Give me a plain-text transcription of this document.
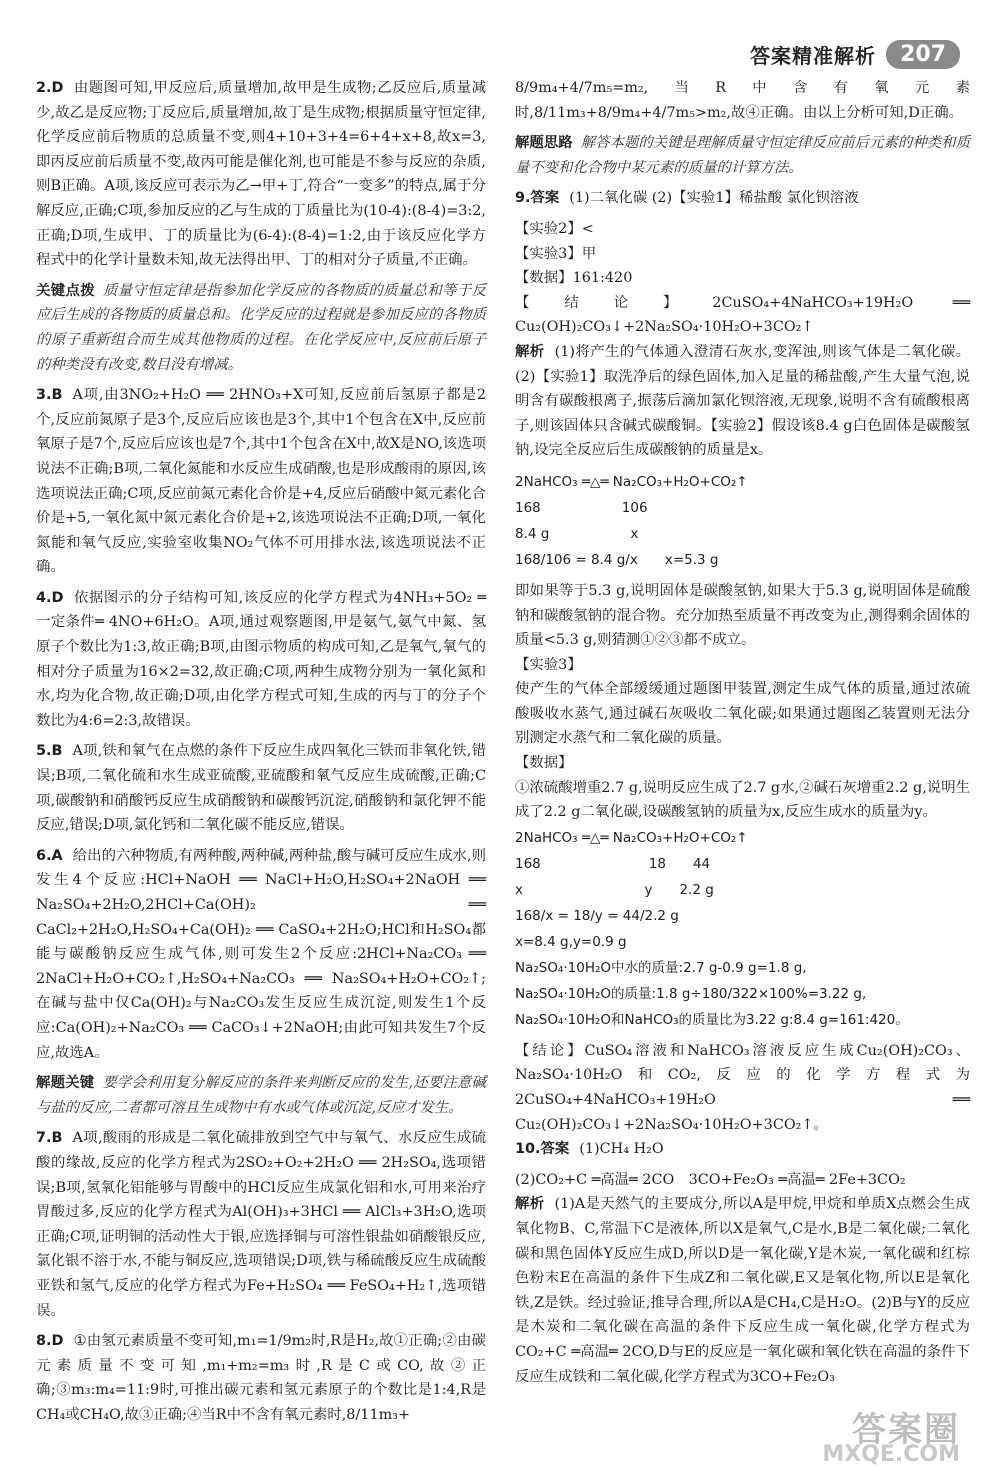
答案精准解析	207
2.D 由题图可知,甲反应后,质量增加,故甲是生成物;乙反应后,质量减少,故乙是反应物;丁反应后,质量增加,故丁是生成物;根据质量守恒定律,化学反应前后物质的总质量不变,则4+10+3+4=6+4+x+8,故x=3,即丙反应前后质量不变,故丙可能是催化剂,也可能是不参与反应的杂质,则B正确。A项,该反应可表示为乙→甲+丁,符合“一变多”的特点,属于分解反应,正确;C项,参加反应的乙与生成的丁质量比为(10-4):(8-4)=3:2,正确;D项,生成甲、丁的质量比为(6-4):(8-4)=1:2,由于该反应化学方程式中的化学计量数未知,故无法得出甲、丁的相对分子质量,不正确。
关键点拨 质量守恒定律是指参加化学反应的各物质的质量总和等于反应后生成的各物质的质量总和。化学反应的过程就是参加反应的各物质的原子重新组合而生成其他物质的过程。在化学反应中,反应前后原子的种类没有改变,数目没有增减。
3.B A项,由3NO₂+H₂O ══ 2HNO₃+X可知,反应前后氢原子都是2个,反应前氮原子是3个,反应后应该也是3个,其中1个包含在X中,反应前氧原子是7个,反应后应该也是7个,其中1个包含在X中,故X是NO,该选项说法不正确;B项,二氧化氮能和水反应生成硝酸,也是形成酸雨的原因,该选项说法正确;C项,反应前氮元素化合价是+4,反应后硝酸中氮元素化合价是+5,一氧化氮中氮元素化合价是+2,该选项说法不正确;D项,一氧化氮能和氧气反应,实验室收集NO₂气体不可用排水法,该选项说法不正确。
4.D 依据图示的分子结构可知,该反应的化学方程式为4NH₃+5O₂ ═一定条件═ 4NO+6H₂O。A项,通过观察题图,甲是氨气,氨气中氮、氢原子个数比为1:3,故正确;B项,由图示物质的构成可知,乙是氧气,氧气的相对分子质量为16×2=32,故正确;C项,两种生成物分别为一氧化氮和水,均为化合物,故正确;D项,由化学方程式可知,生成的丙与丁的分子个数比为4:6=2:3,故错误。
5.B A项,铁和氧气在点燃的条件下反应生成四氧化三铁而非氧化铁,错误;B项,二氧化硫和水生成亚硫酸,亚硫酸和氧气反应生成硫酸,正确;C项,碳酸钠和硝酸钙反应生成硝酸钠和碳酸钙沉淀,硝酸钠和氯化钾不能反应,错误;D项,氯化钙和二氧化碳不能反应,错误。
6.A 给出的六种物质,有两种酸,两种碱,两种盐,酸与碱可反应生成水,则发生4个反应:HCl+NaOH ══ NaCl+H₂O,H₂SO₄+2NaOH ══ Na₂SO₄+2H₂O,2HCl+Ca(OH)₂ ══ CaCl₂+2H₂O,H₂SO₄+Ca(OH)₂ ══ CaSO₄+2H₂O;HCl和H₂SO₄都能与碳酸钠反应生成气体,则可发生2个反应:2HCl+Na₂CO₃ ══ 2NaCl+H₂O+CO₂↑,H₂SO₄+Na₂CO₃ ══ Na₂SO₄+H₂O+CO₂↑;在碱与盐中仅Ca(OH)₂与Na₂CO₃发生反应生成沉淀,则发生1个反应:Ca(OH)₂+Na₂CO₃ ══ CaCO₃↓+2NaOH;由此可知共发生7个反应,故选A。
解题关键 要学会利用复分解反应的条件来判断反应的发生,还要注意碱与盐的反应,二者都可溶且生成物中有水或气体或沉淀,反应才发生。
7.B A项,酸雨的形成是二氧化硫排放到空气中与氧气、水反应生成硫酸的缘故,反应的化学方程式为2SO₂+O₂+2H₂O ══ 2H₂SO₄,选项错误;B项,氢氧化铝能够与胃酸中的HCl反应生成氯化铝和水,可用来治疗胃酸过多,反应的化学方程式为Al(OH)₃+3HCl ══ AlCl₃+3H₂O,选项正确;C项,证明铜的活动性大于银,应选择铜与可溶性银盐如硝酸银反应,氯化银不溶于水,不能与铜反应,选项错误;D项,铁与稀硫酸反应生成硫酸亚铁和氢气,反应的化学方程式为Fe+H₂SO₄ ══ FeSO₄+H₂↑,选项错误。
8.D ①由氢元素质量不变可知,m₁=1/9m₂时,R是H₂,故①正确;②由碳元素质量不变可知,m₁+m₂=m₃时,R是C或CO,故②正确;③m₃:m₄=11:9时,可推出碳元素和氢元素原子的个数比是1:4,R是CH₄或CH₄O,故③正确;④当R中不含有氧元素时,8/11m₃+
8/9m₄+4/7m₅=m₂,当R中含有氧元素时,8/11m₃+8/9m₄+4/7m₅>m₂,故④正确。由以上分析可知,D正确。
解题思路 解答本题的关键是理解质量守恒定律反应前后元素的种类和质量不变和化合物中某元素的质量的计算方法。
9.答案 (1)二氧化碳 (2)【实验1】稀盐酸 氯化钡溶液
【实验2】<
【实验3】甲
【数据】161:420
【结论】2CuSO₄+4NaHCO₃+19H₂O ══ Cu₂(OH)₂CO₃↓+2Na₂SO₄·10H₂O+3CO₂↑
解析 (1)将产生的气体通入澄清石灰水,变浑浊,则该气体是二氧化碳。(2)【实验1】取洗净后的绿色固体,加入足量的稀盐酸,产生大量气泡,说明含有碳酸根离子,振荡后滴加氯化钡溶液,无现象,说明不含有硫酸根离子,则该固体只含碱式碳酸铜。【实验2】假设该8.4 g白色固体是碳酸氢钠,设完全反应后生成碳酸钠的质量是x。
2NaHCO₃ ═△═ Na₂CO₃+H₂O+CO₂↑
168　　　　　　106
8.4 g　　　　　　x
168/106 = 8.4 g/x　　x=5.3 g
即如果等于5.3 g,说明固体是碳酸氢钠,如果大于5.3 g,说明固体是硫酸钠和碳酸氢钠的混合物。充分加热至质量不再改变为止,测得剩余固体的质量<5.3 g,则猜测①②③都不成立。
【实验3】
使产生的气体全部缓缓通过题图甲装置,测定生成气体的质量,通过浓硫酸吸收水蒸气,通过碱石灰吸收二氧化碳;如果通过题图乙装置则无法分别测定水蒸气和二氧化碳的质量。
【数据】
①浓硫酸增重2.7 g,说明反应生成了2.7 g水,②碱石灰增重2.2 g,说明生成了2.2 g二氧化碳,设碳酸氢钠的质量为x,反应生成水的质量为y。
2NaHCO₃ ═△═ Na₂CO₃+H₂O+CO₂↑
168　　　　　　　　18　　44
x　　　　　　　　　y　　2.2 g
168/x = 18/y = 44/2.2 g
x=8.4 g,y=0.9 g
Na₂SO₄·10H₂O中水的质量:2.7 g-0.9 g=1.8 g,
Na₂SO₄·10H₂O的质量:1.8 g÷180/322×100%=3.22 g,
Na₂SO₄·10H₂O和NaHCO₃的质量比为3.22 g:8.4 g=161:420。
【结论】CuSO₄溶液和NaHCO₃溶液反应生成Cu₂(OH)₂CO₃、Na₂SO₄·10H₂O和CO₂,反应的化学方程式为2CuSO₄+4NaHCO₃+19H₂O ══ Cu₂(OH)₂CO₃↓+2Na₂SO₄·10H₂O+3CO₂↑。
10.答案 (1)CH₄ H₂O
(2)CO₂+C ═高温═ 2CO　3CO+Fe₂O₃ ═高温═ 2Fe+3CO₂
解析 (1)A是天然气的主要成分,所以A是甲烷,甲烷和单质X点燃会生成氧化物B、C,常温下C是液体,所以X是氧气,C是水,B是二氧化碳;二氧化碳和黑色固体Y反应生成D,所以D是一氧化碳,Y是木炭,一氧化碳和红棕色粉末E在高温的条件下生成Z和二氧化碳,E又是氧化物,所以E是氧化铁,Z是铁。经过验证,推导合理,所以A是CH₄,C是H₂O。(2)B与Y的反应是木炭和二氧化碳在高温的条件下反应生成一氧化碳,化学方程式为CO₂+C ═高温═ 2CO,D与E的反应是一氧化碳和氧化铁在高温的条件下反应生成铁和二氧化碳,化学方程式为3CO+Fe₂O₃
答案圈
MXQE.COM
